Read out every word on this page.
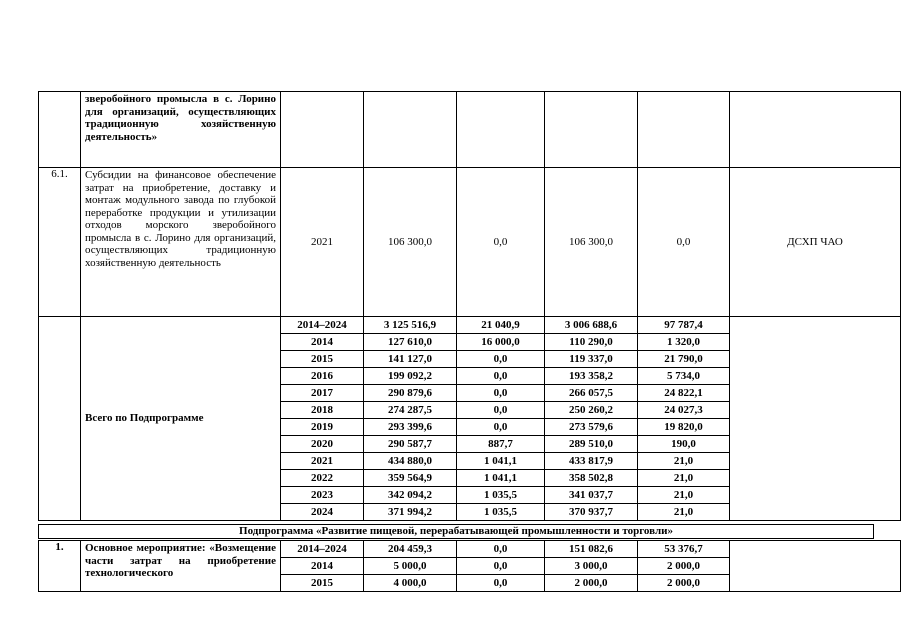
	зверобойного промысла в с. Лорино для организаций, осуществляющих традиционную хозяйственную деятельность»						
6.1.	Субсидии на финансовое обеспечение затрат на приобретение, доставку и монтаж модульного завода по глубокой переработке продукции и утилизации отходов морского зверобойного промысла в с. Лорино для организаций, осуществляющих традиционную хозяйственную деятельность	2021	106 300,0	0,0	106 300,0	0,0	ДСХП ЧАО
	Всего по Подпрограмме	2014–2024	3 125 516,9	21 040,9	3 006 688,6	97 787,4	
		2014	127 610,0	16 000,0	110 290,0	1 320,0	
		2015	141 127,0	0,0	119 337,0	21 790,0	
		2016	199 092,2	0,0	193 358,2	5 734,0	
		2017	290 879,6	0,0	266 057,5	24 822,1	
		2018	274 287,5	0,0	250 260,2	24 027,3	
		2019	293 399,6	0,0	273 579,6	19 820,0	
		2020	290 587,7	887,7	289 510,0	190,0	
		2021	434 880,0	1 041,1	433 817,9	21,0	
		2022	359 564,9	1 041,1	358 502,8	21,0	
		2023	342 094,2	1 035,5	341 037,7	21,0	
		2024	371 994,2	1 035,5	370 937,7	21,0	
Подпрограмма «Развитие пищевой, перерабатывающей промышленности и торговли»
1.	Основное мероприятие: «Возмещение части затрат на приобретение технологического	2014–2024	204 459,3	0,0	151 082,6	53 376,7	
		2014	5 000,0	0,0	3 000,0	2 000,0	
		2015	4 000,0	0,0	2 000,0	2 000,0	
